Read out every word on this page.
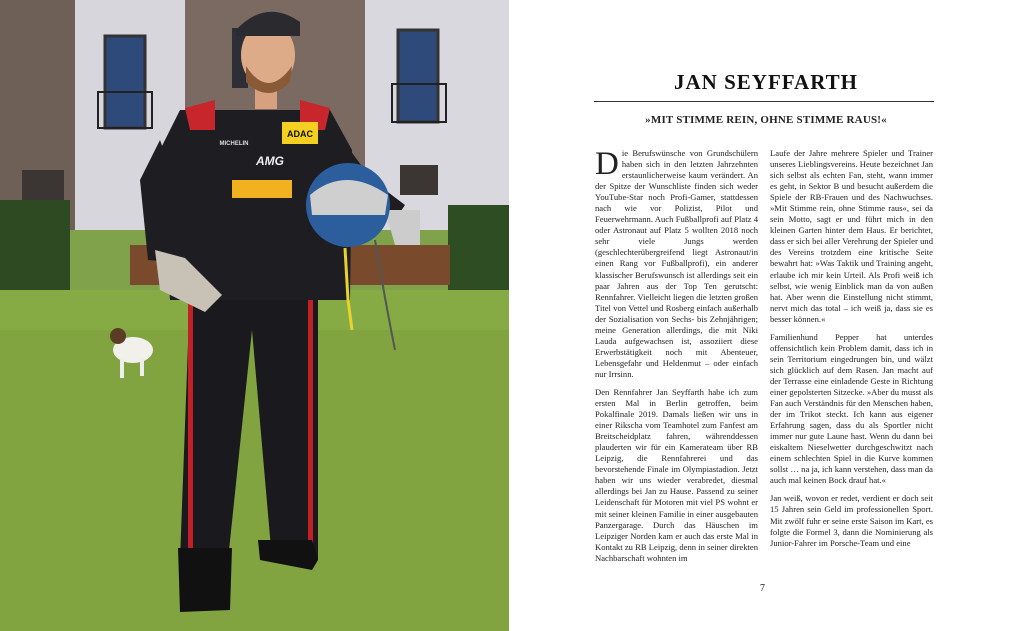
ADAC
AMG
MICHELIN
JAN SEYFFARTH
»MIT STIMME REIN, OHNE STIMME RAUS!«

Die Berufswünsche von Grundschülern haben sich in den letzten Jahrzehnten erstaunlicherweise kaum verändert. An der Spitze der Wunschliste finden sich weder YouTube-Star noch Profi-Gamer, stattdessen nach wie vor Polizist, Pilot und Feuerwehrmann. Auch Fußballprofi auf Platz 4 oder Astronaut auf Platz 5 wollten 2018 noch sehr viele Jungs werden (geschlechterübergreifend liegt Astronaut/in einen Rang vor Fußballprofi), ein anderer klassischer Berufswunsch ist allerdings seit ein paar Jahren aus der Top Ten gerutscht: Rennfahrer. Vielleicht liegen die letzten großen Titel von Vettel und Rosberg einfach außerhalb der Sozialisation von Sechs- bis Zehnjährigen; meine Generation allerdings, die mit Niki Lauda aufgewachsen ist, assoziiert diese Erwerbstätigkeit noch mit Abenteuer, Lebensgefahr und Heldenmut – oder einfach nur Irrsinn.

Den Rennfahrer Jan Seyffarth habe ich zum ersten Mal in Berlin getroffen, beim Pokalfinale 2019. Damals ließen wir uns in einer Rikscha vom Teamhotel zum Fanfest am Breitscheidplatz fahren, währenddessen plauderten wir für ein Kamerateam über RB Leipzig, die Rennfahrerei und das bevorstehende Finale im Olympiastadion. Jetzt haben wir uns wieder verabredet, diesmal allerdings bei Jan zu Hause. Passend zu seiner Leidenschaft für Motoren mit viel PS wohnt er mit seiner kleinen Familie in einer ausgebauten Panzergarage. Durch das Häuschen im Leipziger Norden kam er auch das erste Mal in Kontakt zu RB Leipzig, denn in seiner direkten Nachbarschaft wohnten im

Laufe der Jahre mehrere Spieler und Trainer unseres Lieblingsvereins. Heute bezeichnet Jan sich selbst als echten Fan, steht, wann immer es geht, in Sektor B und besucht außerdem die Spiele der RB-Frauen und des Nachwuchses. »Mit Stimme rein, ohne Stimme raus«, sei da sein Motto, sagt er und führt mich in den kleinen Garten hinter dem Haus. Er berichtet, dass er sich bei aller Verehrung der Spieler und des Vereins trotzdem eine kritische Seite bewahrt hat: »Was Taktik und Training angeht, erlaube ich mir kein Urteil. Als Profi weiß ich selbst, wie wenig Einblick man da von außen hat. Aber wenn die Einstellung nicht stimmt, nervt mich das total – ich weiß ja, dass sie es besser können.«

Familienhund Pepper hat unterdes offensichtlich kein Problem damit, dass ich in sein Territorium eingedrungen bin, und wälzt sich glücklich auf dem Rasen. Jan macht auf der Terrasse eine einladende Geste in Richtung einer gepolsterten Sitzecke. »Aber du musst als Fan auch Verständnis für den Menschen haben, der im Trikot steckt. Ich kann aus eigener Erfahrung sagen, dass du als Sportler nicht immer nur gute Laune hast. Wenn du dann bei eiskaltem Nieselwetter durchgeschwitzt nach einem schlechten Spiel in die Kurve kommen sollst … na ja, ich kann verstehen, dass man da auch mal keinen Bock drauf hat.«

Jan weiß, wovon er redet, verdient er doch seit 15 Jahren sein Geld im professionellen Sport. Mit zwölf fuhr er seine erste Saison im Kart, es folgte die Formel 3, dann die Nominierung als Junior-Fahrer im Porsche-Team und eine

7
